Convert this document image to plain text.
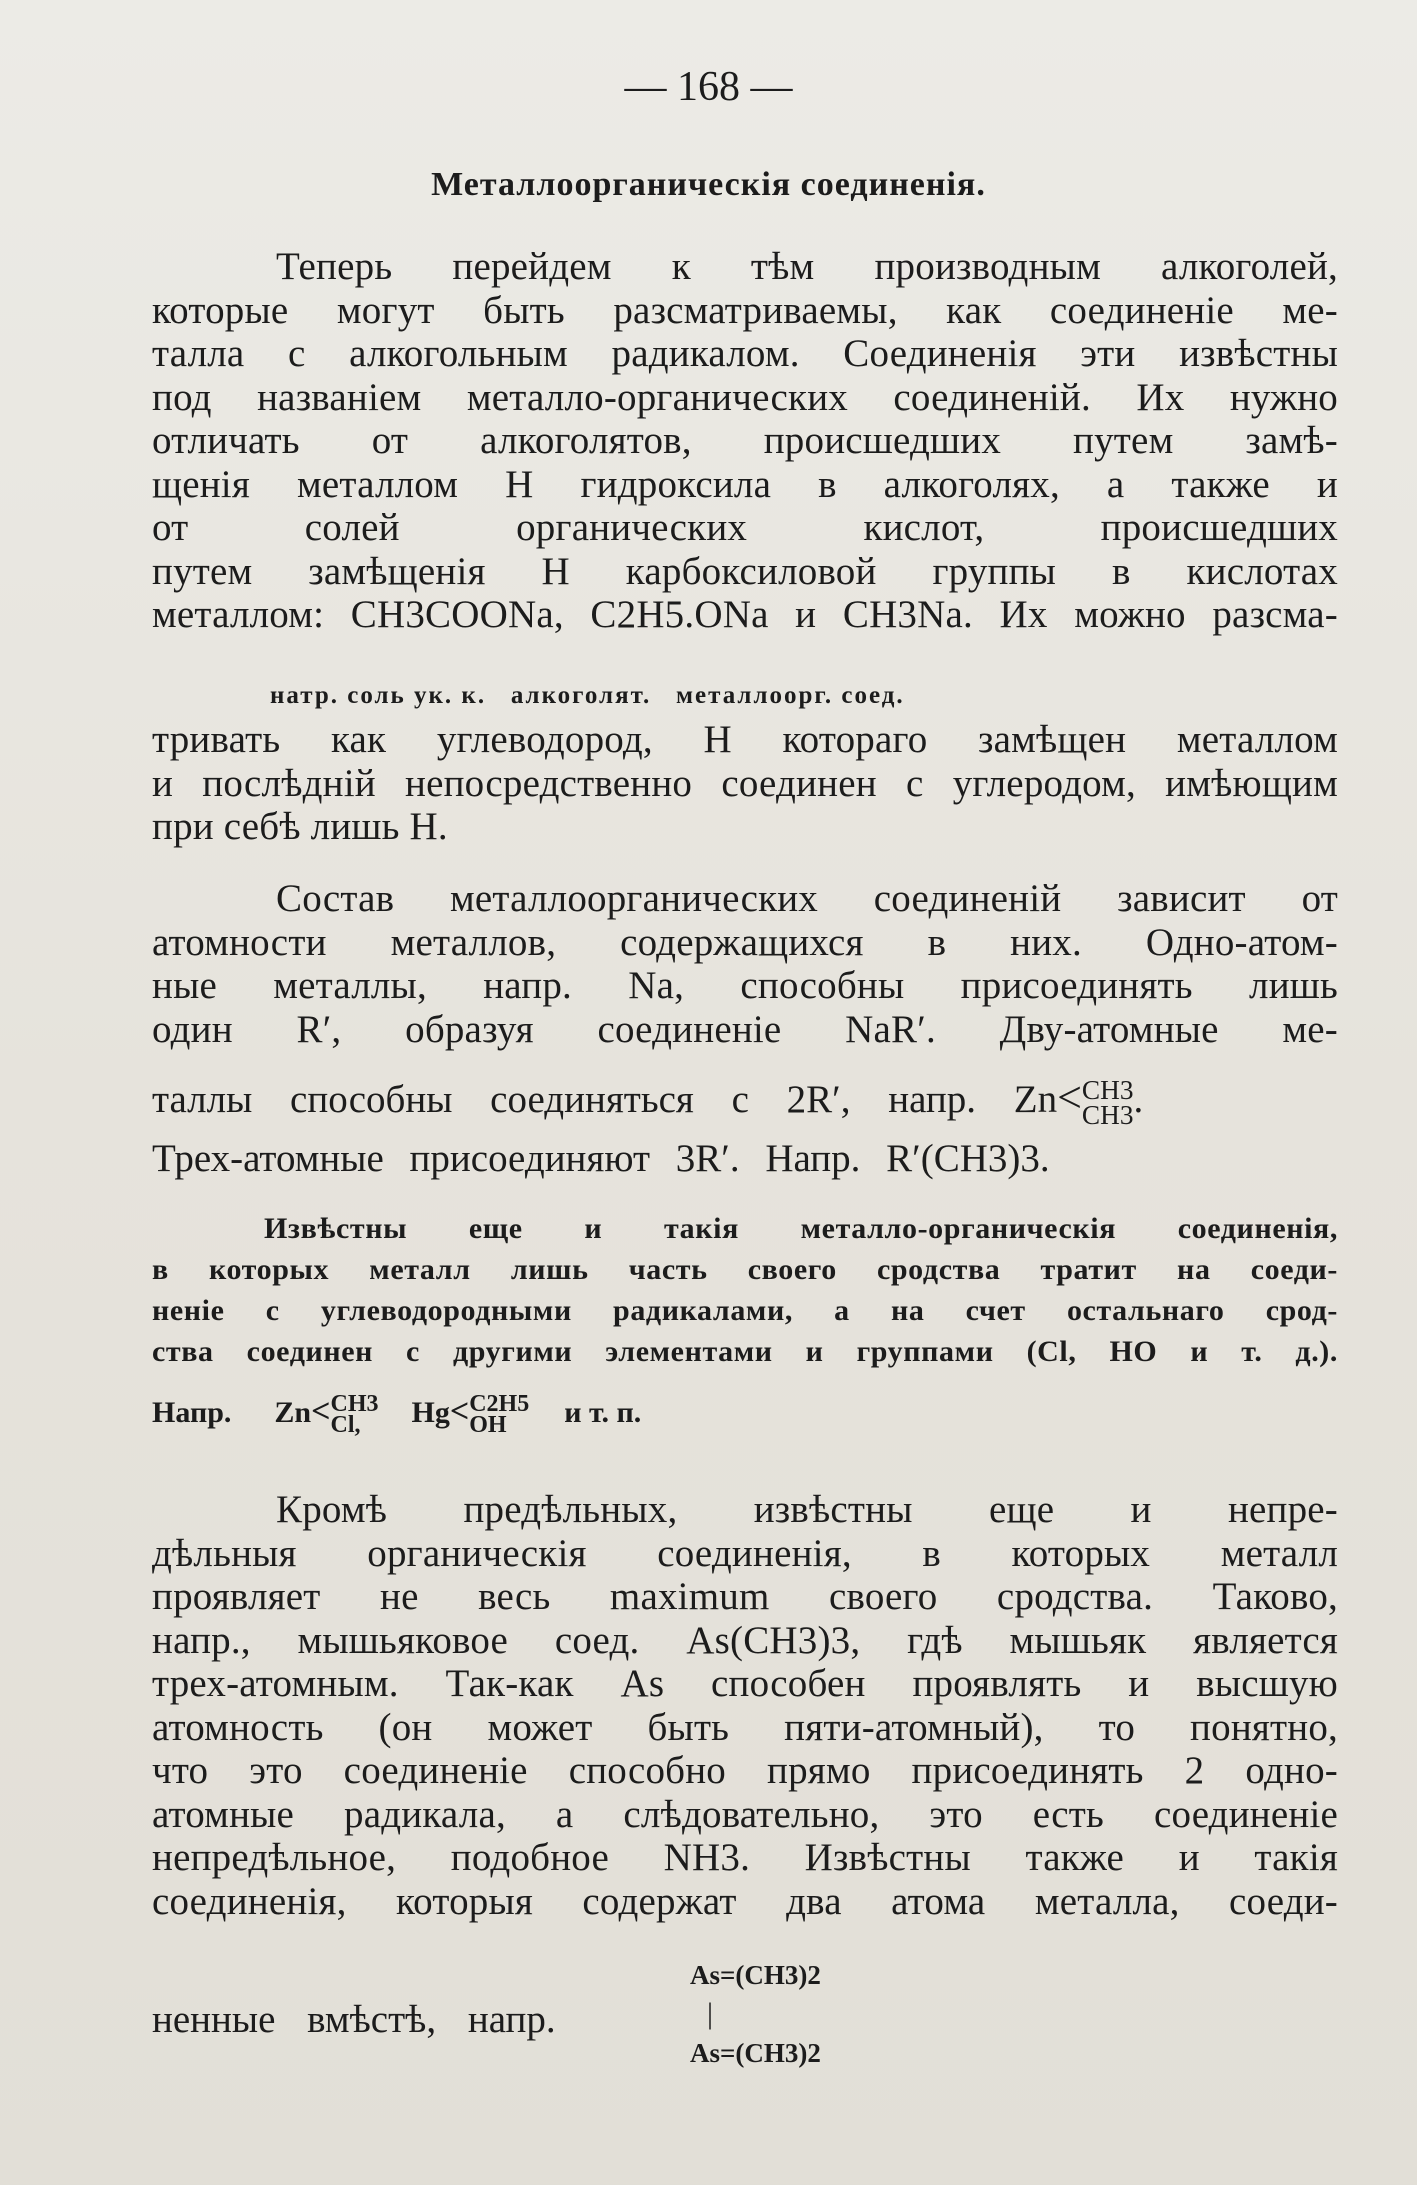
— 168 —
Металлоорганическія соединенія.
Теперь перейдем к тѣм производным алкоголей,
которые могут быть разсматриваемы, как соединеніе ме-
талла с алкогольным радикалом. Соединенія эти извѣстны
под названіем металло-органических соединеній. Их нужно
отличать от алкоголятов, происшедших путем замѣ-
щенія металлом H гидроксила в алкоголях, а также и
от солей органических кислот, происшедших
путем замѣщенія H карбоксиловой группы в кислотах
металлом: CH3COONa, C2H5.ONa и CH3Na. Их можно разсма-
натр. соль ук. к.   алкоголят.   металлоорг. соед.
тривать как углеводород, H котораго замѣщен металлом
и послѣдній непосредственно соединен с углеродом, имѣющим
при себѣ лишь H.
Состав металлоорганических соединеній зависит от
атомности металлов, содержащихся в них. Одно-атом-
ные металлы, напр. Na, способны присоединять лишь
один R′, образуя соединеніе NaR′. Дву-атомные ме-
таллы способны соединяться с 2R′, напр. Zn< CH3
CH3 .
Трех-атомные присоединяют 3R′. Напр. R′(CH3)3.
Извѣстны еще и такія металло-органическія соединенія,
в которых металл лишь часть своего сродства тратит на соеди-
неніе с углеводородными радикалами, а на счет остальнаго срод-
ства соединен с другими элементами и группами (Cl, HO и т. д.).
Напр. Zn< CH3
Cl,	Hg< C2H5
OH	и т. п.
Кромѣ предѣльных, извѣстны еще и непре-
дѣльныя органическія соединенія, в которых металл
проявляет не весь maximum своего сродства. Таково,
напр., мышьяковое соед. As(CH3)3, гдѣ мышьяк является
трех-атомным. Так-как As способен проявлять и высшую
атомность (он может быть пяти-атомный), то понятно,
что это соединеніе способно прямо присоединять 2 одно-
атомные радикала, а слѣдовательно, это есть соединеніе
непредѣльное, подобное NH3. Извѣстны также и такія
соединенія, которыя содержат два атома металла, соеди-
As=(CH3)2
ненные вмѣстѣ, напр.	|
As=(CH3)2
